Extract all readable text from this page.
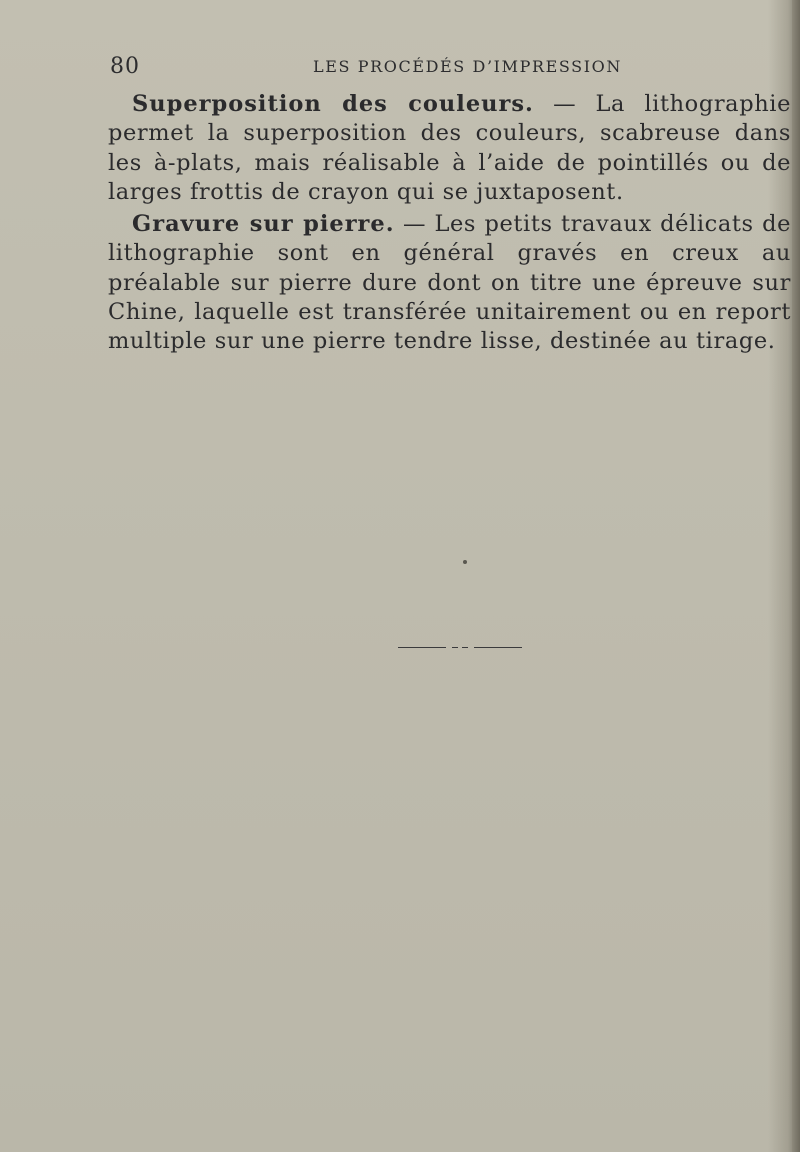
80	LES PROCÉDÉS D’IMPRESSION

Superposition des couleurs. — La lithographie permet la superposition des couleurs, scabreuse dans les à-plats, mais réalisable à l’aide de pointillés ou de larges frottis de crayon qui se juxtaposent.

Gravure sur pierre. — Les petits travaux délicats de lithographie sont en général gravés en creux au préalable sur pierre dure dont on titre une épreuve sur Chine, laquelle est transférée unitairement ou en report multiple sur une pierre tendre lisse, destinée au tirage.
